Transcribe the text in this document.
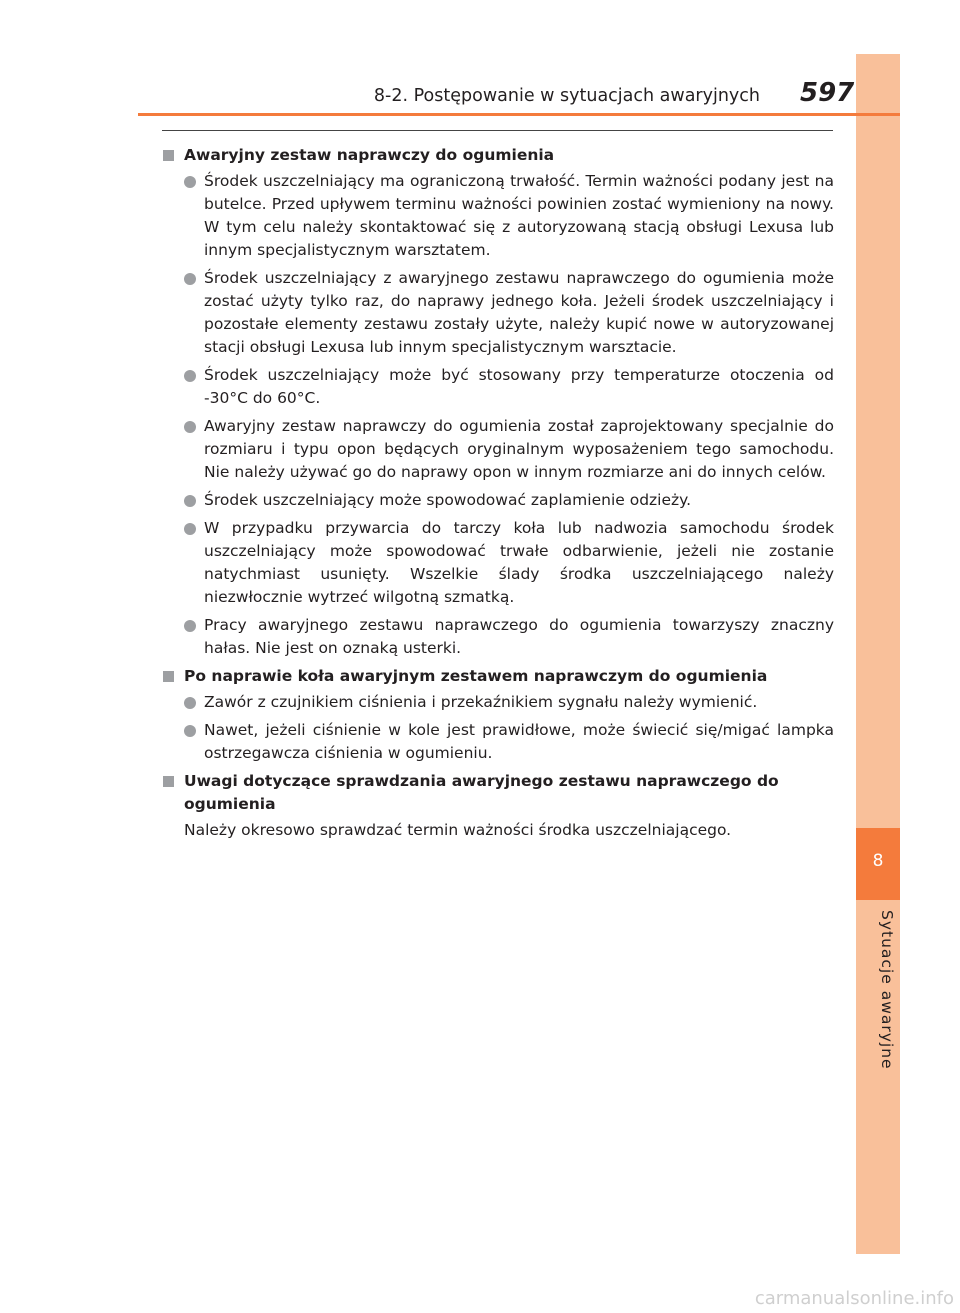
8
Sytuacje awaryjne
8-2. Postępowanie w sytuacjach awaryjnych 597
Awaryjny zestaw naprawczy do ogumienia
Środek uszczelniający ma ograniczoną trwałość. Termin ważności podany jest na butelce. Przed upływem terminu ważności powinien zostać wymieniony na nowy. W tym celu należy skontaktować się z autoryzowaną stacją obsługi Lexusa lub innym specjalistycznym warsztatem.
Środek uszczelniający z awaryjnego zestawu naprawczego do ogumienia może zostać użyty tylko raz, do naprawy jednego koła. Jeżeli środek uszczelniający i pozostałe elementy zestawu zostały użyte, należy kupić nowe w autoryzowanej stacji obsługi Lexusa lub innym specjalistycznym warsztacie.
Środek uszczelniający może być stosowany przy temperaturze otoczenia od -30°C do 60°C.
Awaryjny zestaw naprawczy do ogumienia został zaprojektowany specjalnie do rozmiaru i typu opon będących oryginalnym wyposażeniem tego samochodu. Nie należy używać go do naprawy opon w innym rozmiarze ani do innych celów.
Środek uszczelniający może spowodować zaplamienie odzieży.
W przypadku przywarcia do tarczy koła lub nadwozia samochodu środek uszczelniający może spowodować trwałe odbarwienie, jeżeli nie zostanie natychmiast usunięty. Wszelkie ślady środka uszczelniającego należy niezwłocznie wytrzeć wilgotną szmatką.
Pracy awaryjnego zestawu naprawczego do ogumienia towarzyszy znaczny hałas. Nie jest on oznaką usterki.
Po naprawie koła awaryjnym zestawem naprawczym do ogumienia
Zawór z czujnikiem ciśnienia i przekaźnikiem sygnału należy wymienić.
Nawet, jeżeli ciśnienie w kole jest prawidłowe, może świecić się/migać lampka ostrzegawcza ciśnienia w ogumieniu.
Uwagi dotyczące sprawdzania awaryjnego zestawu naprawczego do ogumienia
Należy okresowo sprawdzać termin ważności środka uszczelniającego.
carmanualsonline.info
